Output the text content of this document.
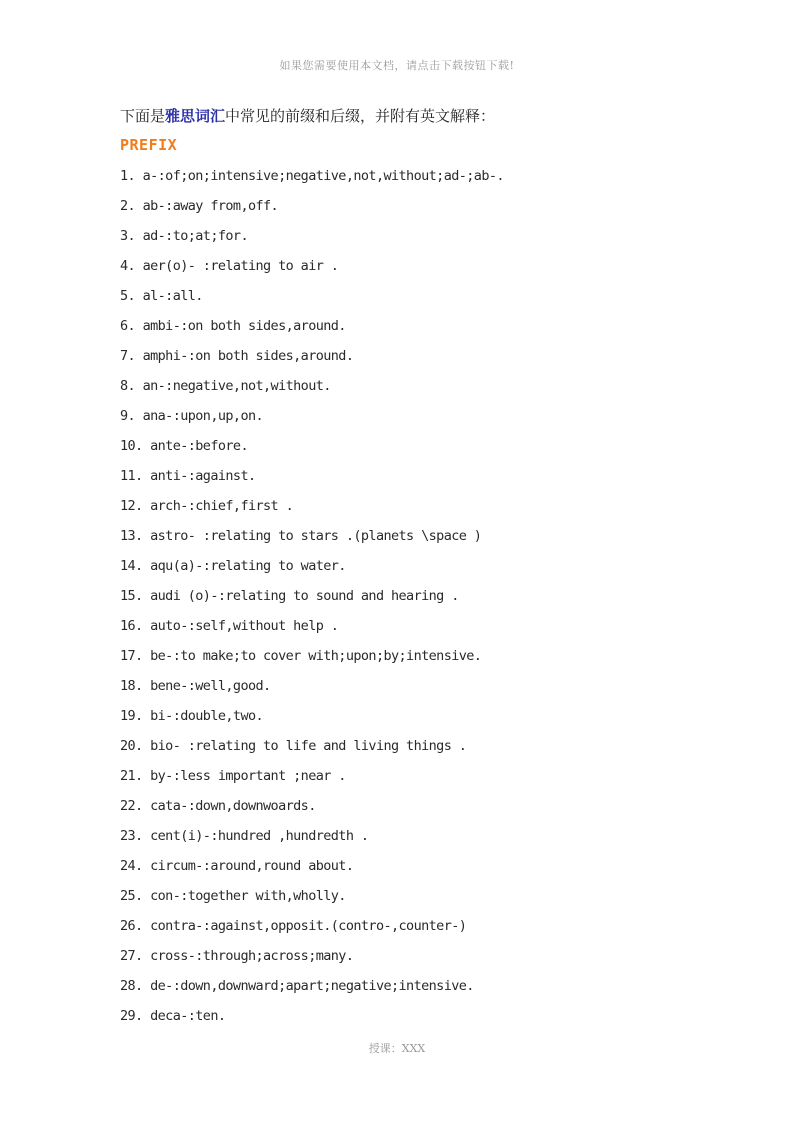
如果您需要使用本文档，请点击下载按钮下载!
下面是雅思词汇中常见的前缀和后缀，并附有英文解释：
PREFIX
1. a-:of;on;intensive;negative,not,without;ad-;ab-.
2. ab-:away from,off.
3. ad-:to;at;for.
4. aer(o)- :relating to air .
5. al-:all.
6. ambi-:on both sides,around.
7. amphi-:on both sides,around.
8. an-:negative,not,without.
9. ana-:upon,up,on.
10. ante-:before.
11. anti-:against.
12. arch-:chief,first .
13. astro- :relating to stars .(planets \space )
14. aqu(a)-:relating to water.
15. audi (o)-:relating to sound and hearing .
16. auto-:self,without help .
17. be-:to make;to cover with;upon;by;intensive.
18. bene-:well,good.
19. bi-:double,two.
20. bio- :relating to life and living things .
21. by-:less important ;near .
22. cata-:down,downwoards.
23. cent(i)-:hundred ,hundredth .
24. circum-:around,round about.
25. con-:together with,wholly.
26. contra-:against,opposit.(contro-,counter-)
27. cross-:through;across;many.
28. de-:down,downward;apart;negative;intensive.
29. deca-:ten.
授课：XXX
